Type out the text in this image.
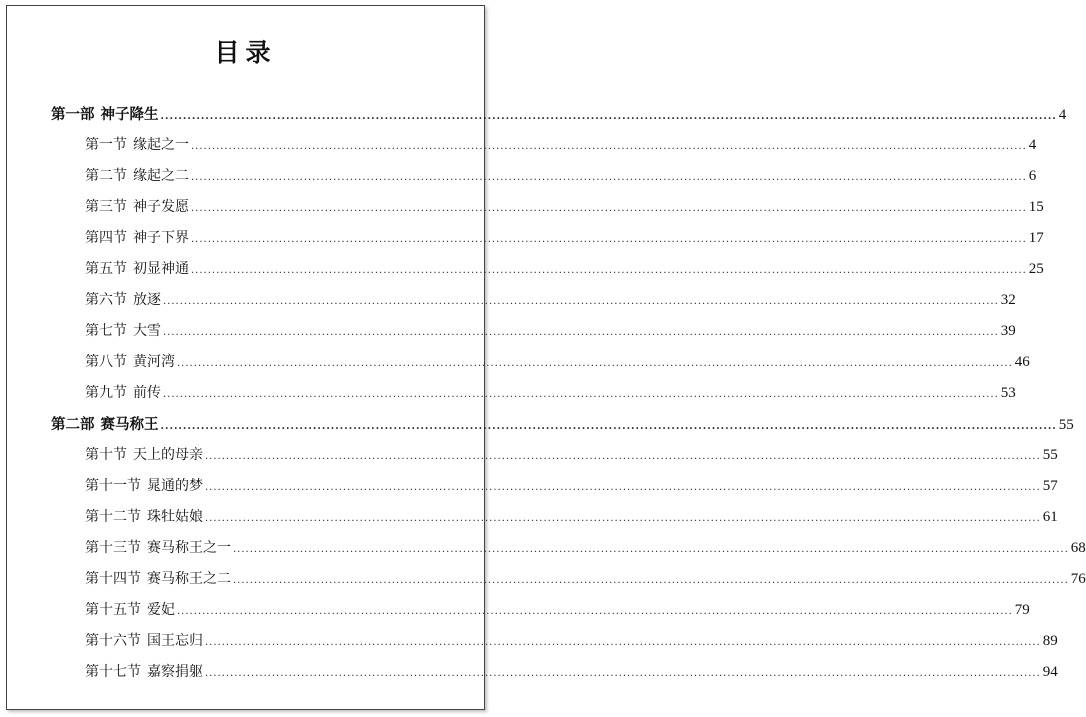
目录
第一部 神子降生 ........................................................................................................................................................................................................ 4
第一节 缘起之一 ........................................................................................................................................................................................................ 4
第二节 缘起之二 ........................................................................................................................................................................................................ 6
第三节 神子发愿 ........................................................................................................................................................................................................ 15
第四节 神子下界 ........................................................................................................................................................................................................ 17
第五节 初显神通 ........................................................................................................................................................................................................ 25
第六节 放逐 ........................................................................................................................................................................................................ 32
第七节 大雪 ........................................................................................................................................................................................................ 39
第八节 黄河湾 ........................................................................................................................................................................................................ 46
第九节 前传 ........................................................................................................................................................................................................ 53
第二部 赛马称王 ........................................................................................................................................................................................................ 55
第十节 天上的母亲 ........................................................................................................................................................................................................ 55
第十一节 晁通的梦 ........................................................................................................................................................................................................ 57
第十二节 珠牡姑娘 ........................................................................................................................................................................................................ 61
第十三节 赛马称王之一 ........................................................................................................................................................................................................ 68
第十四节 赛马称王之二 ........................................................................................................................................................................................................ 76
第十五节 爱妃 ........................................................................................................................................................................................................ 79
第十六节 国王忘归 ........................................................................................................................................................................................................ 89
第十七节 嘉察捐躯 ........................................................................................................................................................................................................ 94
